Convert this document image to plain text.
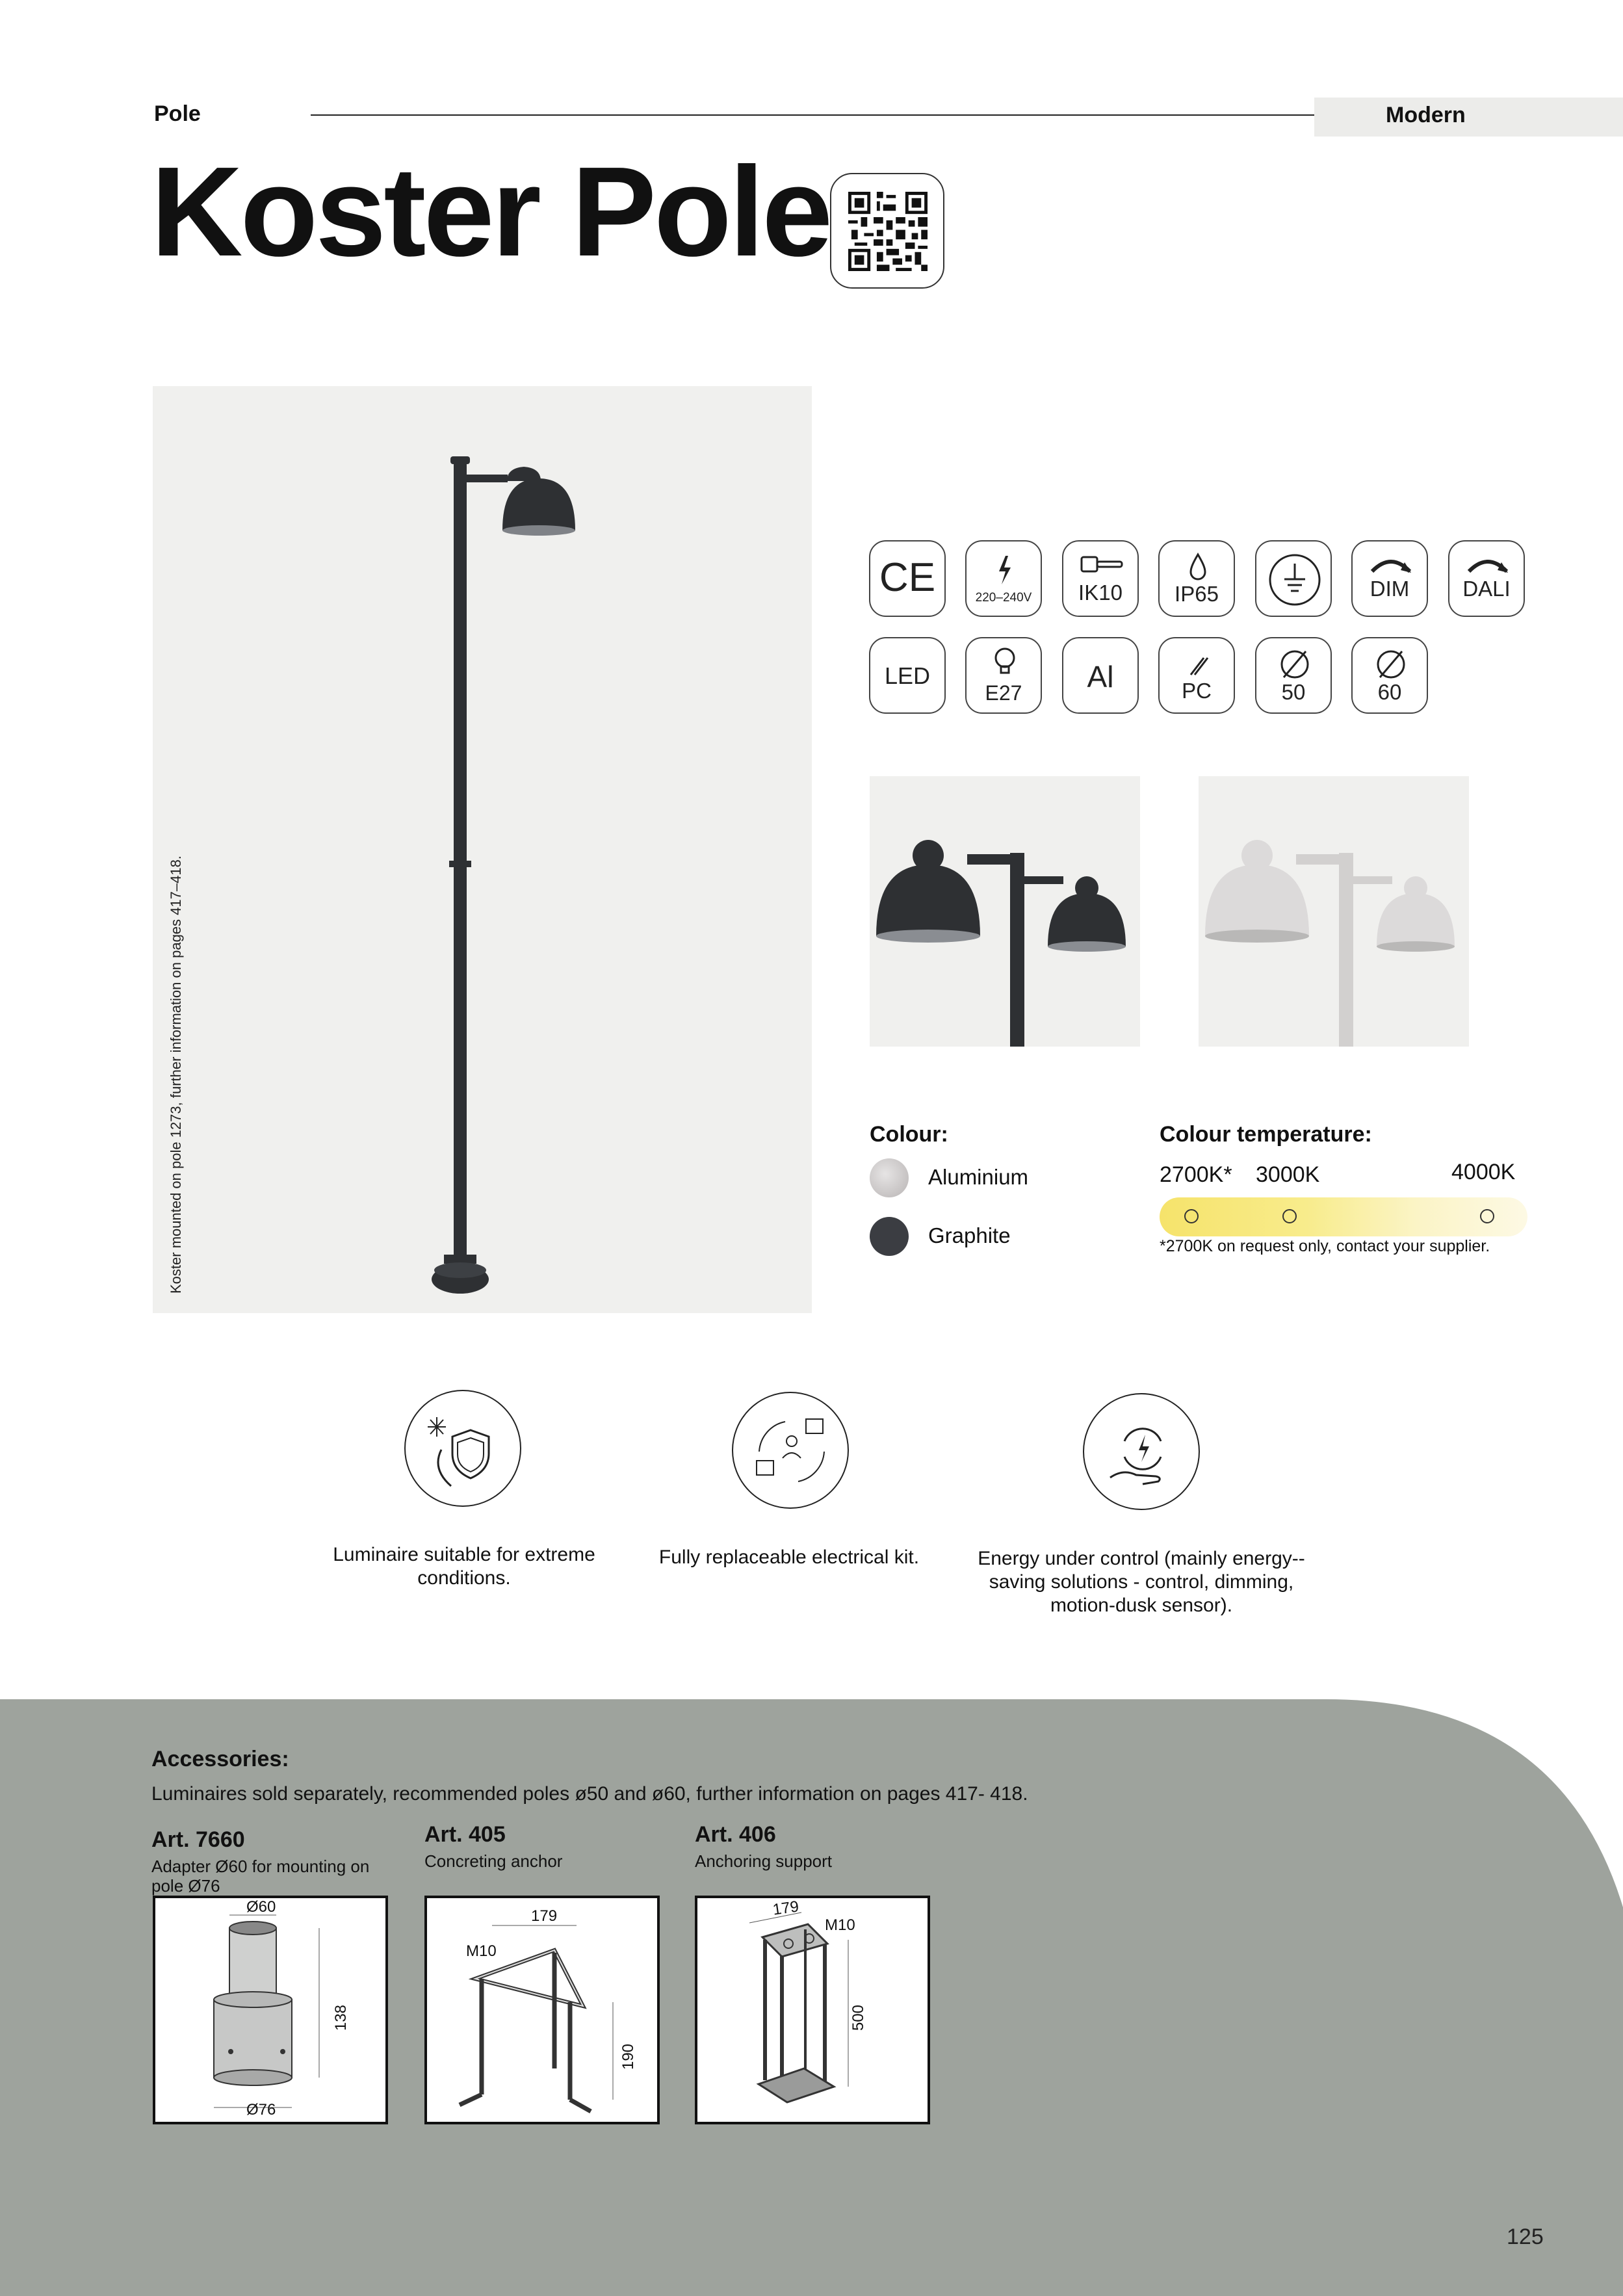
Pole	Modern
Koster Pole
Koster mounted on pole 1273, further information on pages 417–418.
CE	220–240V	IK10	IP65	DIM	DALI
LED
E27	Al	PC	50	60
Colour:
Aluminium
Graphite
Colour temperature:
2700K* 3000K	4000K
*2700K on request only, contact your supplier.
Luminaire suitable for extreme conditions.
Fully replaceable electrical kit.	Energy under control (mainly energy--saving solutions - control, dimming, motion-dusk sensor).
Accessories:
Luminaires sold separately, recommended poles ø50 and ø60, further information on pages 417- 418.
Art. 7660
Adapter Ø60 for mounting on pole Ø76
Art. 405
Concreting anchor
Art. 406
Anchoring support
Ø60
138
Ø76
179
M10
190
179
M10
500
125
